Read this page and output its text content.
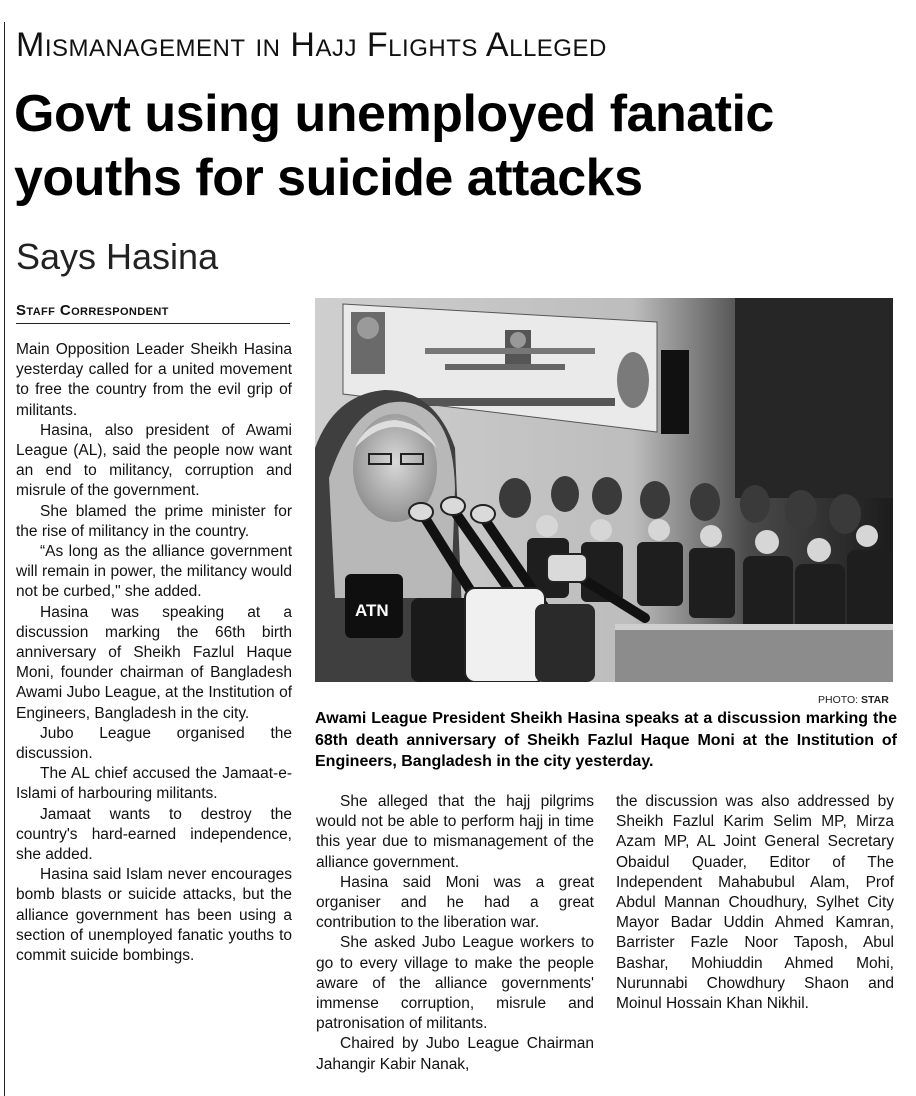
Mismanagement in Hajj Flights Alleged
Govt using unemployed fanatic youths for suicide attacks
Says Hasina
Staff Correspondent

Main Opposition Leader Sheikh Hasina yesterday called for a united movement to free the country from the evil grip of militants.

Hasina, also president of Awami League (AL), said the people now want an end to militancy, corruption and misrule of the government.

She blamed the prime minister for the rise of militancy in the country.

“As long as the alliance government will remain in power, the militancy would not be curbed," she added.

Hasina was speaking at a discussion marking the 66th birth anniversary of Sheikh Fazlul Haque Moni, founder chairman of Bangladesh Awami Jubo League, at the Institution of Engineers, Bangladesh in the city.

Jubo League organised the discussion.

The AL chief accused the Jamaat-e-Islami of harbouring militants.

Jamaat wants to destroy the country's hard-earned independence, she added.

Hasina said Islam never encourages bomb blasts or suicide attacks, but the alliance government has been using a section of unemployed fanatic youths to commit suicide bombings.

ATN
PHOTO: STAR
Awami League President Sheikh Hasina speaks at a discussion marking the 68th death anniversary of Sheikh Fazlul Haque Moni at the Institution of Engineers, Bangladesh in the city yesterday.

She alleged that the hajj pilgrims would not be able to perform hajj in time this year due to mismanagement of the alliance government.

Hasina said Moni was a great organiser and he had a great contribution to the liberation war.

She asked Jubo League workers to go to every village to make the people aware of the alliance governments' immense corruption, misrule and patronisation of militants.

Chaired by Jubo League Chairman Jahangir Kabir Nanak,

the discussion was also addressed by Sheikh Fazlul Karim Selim MP, Mirza Azam MP, AL Joint General Secretary Obaidul Quader, Editor of The Independent Mahabubul Alam, Prof Abdul Mannan Choudhury, Sylhet City Mayor Badar Uddin Ahmed Kamran, Barrister Fazle Noor Taposh, Abul Bashar, Mohiuddin Ahmed Mohi, Nurunnabi Chowdhury Shaon and Moinul Hossain Khan Nikhil.
